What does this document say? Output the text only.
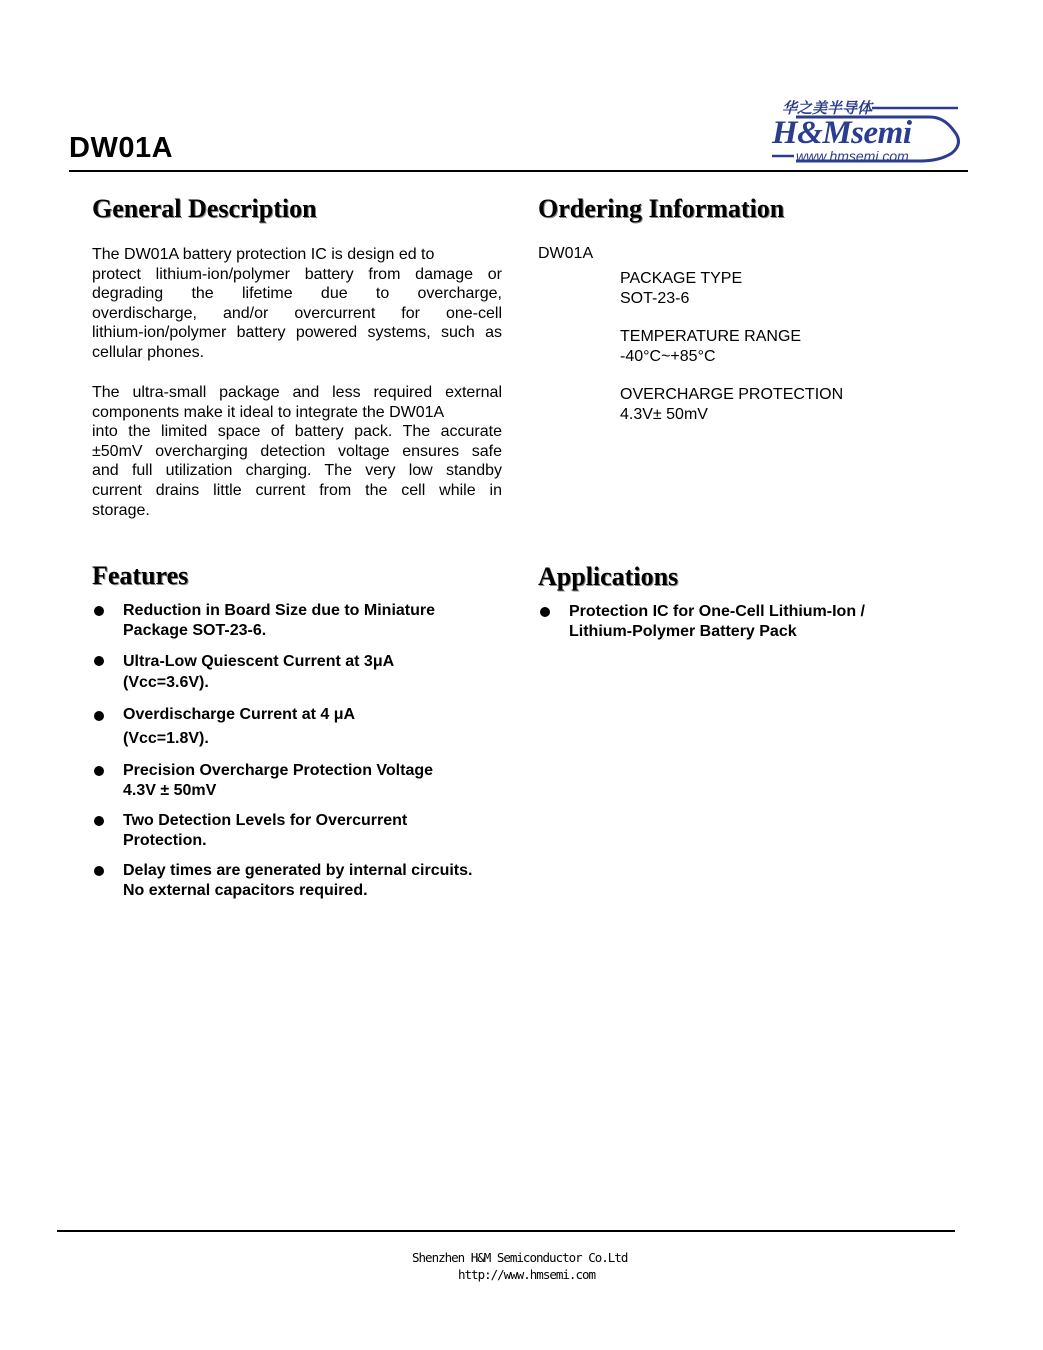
DW01A
华之美半导体
H&Msemi
www.hmsemi.com
General Description
The DW01A battery protection IC is design ed to
protect lithium-ion/polymer battery from damage or
degrading the lifetime due to overcharge,
overdischarge, and/or overcurrent for one-cell
lithium-ion/polymer battery powered systems, such as
cellular phones.
The ultra-small package and less required external
components make it ideal to integrate the DW01A
into the limited space of battery pack. The accurate
±50mV overcharging detection voltage ensures safe
and full utilization charging. The very low standby
current drains little current from the cell while in
storage.
Ordering Information
DW01A
PACKAGE TYPE
SOT-23-6
TEMPERATURE RANGE
-40°C~+85°C
OVERCHARGE PROTECTION
4.3V± 50mV
Features
Reduction in Board Size due to Miniature
Package SOT-23-6.
Ultra-Low Quiescent Current at 3μA
(Vcc=3.6V).
Overdischarge Current at 4 μA
(Vcc=1.8V).
Precision Overcharge Protection Voltage
4.3V ± 50mV
Two Detection Levels for Overcurrent
Protection.
Delay times are generated by internal circuits.
No external capacitors required.
Applications
Protection IC for One-Cell Lithium-Ion /
Lithium-Polymer Battery Pack
Shenzhen H&M Semiconductor Co.Ltd
http://www.hmsemi.com
